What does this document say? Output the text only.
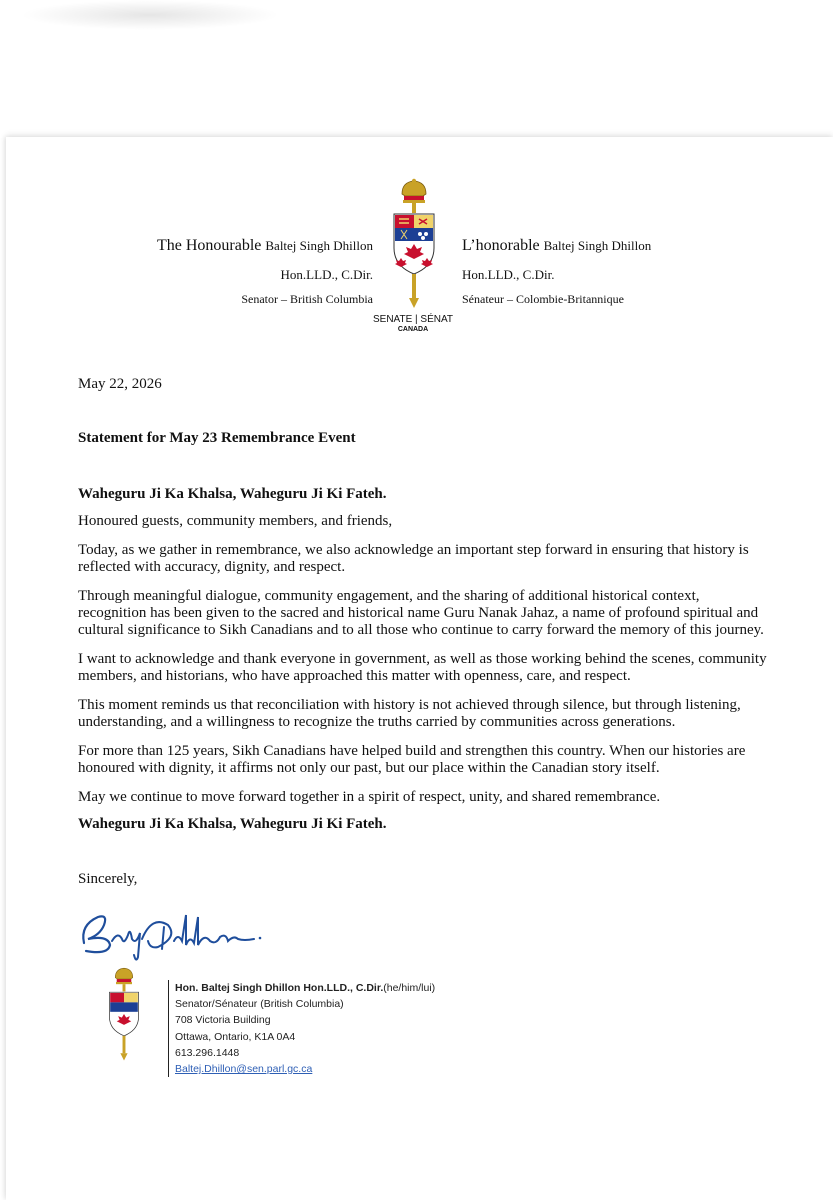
The Honourable Baltej Singh Dhillon
Hon.LLD., C.Dir.
Senator – British Columbia
SENATE | SÉNAT
CANADA
L’honorable Baltej Singh Dhillon
Hon.LLD., C.Dir.
Sénateur – Colombie-Britannique
May 22, 2026
Statement for May 23 Remembrance Event

Waheguru Ji Ka Khalsa, Waheguru Ji Ki Fateh.

Honoured guests, community members, and friends,

Today, as we gather in remembrance, we also acknowledge an important step forward in ensuring that history is reflected with accuracy, dignity, and respect.

Through meaningful dialogue, community engagement, and the sharing of additional historical context, recognition has been given to the sacred and historical name Guru Nanak Jahaz, a name of profound spiritual and cultural significance to Sikh Canadians and to all those who continue to carry forward the memory of this journey.

I want to acknowledge and thank everyone in government, as well as those working behind the scenes, community members, and historians, who have approached this matter with openness, care, and respect.

This moment reminds us that reconciliation with history is not achieved through silence, but through listening, understanding, and a willingness to recognize the truths carried by communities across generations.

For more than 125 years, Sikh Canadians have helped build and strengthen this country. When our histories are honoured with dignity, it affirms not only our past, but our place within the Canadian story itself.

May we continue to move forward together in a spirit of respect, unity, and shared remembrance.

Waheguru Ji Ka Khalsa, Waheguru Ji Ki Fateh.

Sincerely,

Hon. Baltej Singh Dhillon Hon.LLD., C.Dir.(he/him/lui)
Senator/Sénateur (British Columbia)
708 Victoria Building
Ottawa, Ontario, K1A 0A4
613.296.1448
Baltej.Dhillon@sen.parl.gc.ca
